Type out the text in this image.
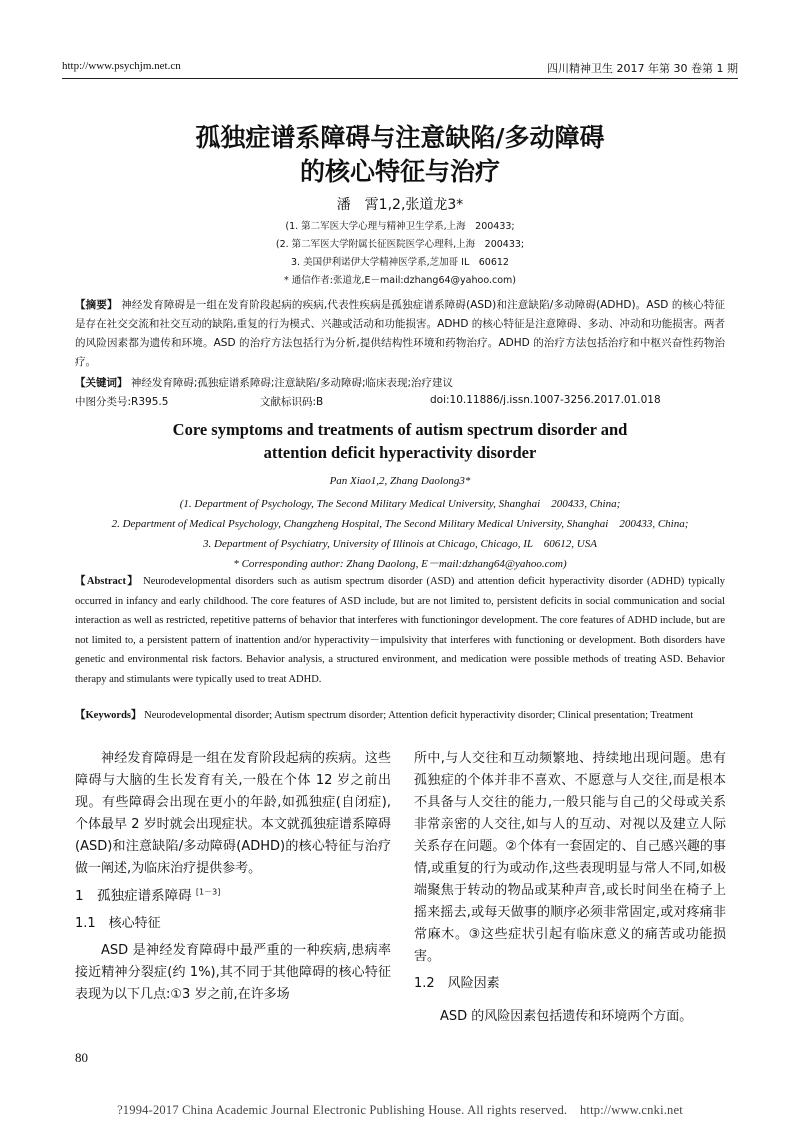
http://www.psychjm.net.cn	四川精神卫生 2017 年第 30 卷第 1 期
孤独症谱系障碍与注意缺陷/多动障碍
的核心特征与治疗
潘　霄1,2,张道龙3*
(1. 第二军医大学心理与精神卫生学系,上海　200433;
(2. 第二军医大学附属长征医院医学心理科,上海　200433;
3. 美国伊利诺伊大学精神医学系,芝加哥 IL　60612
* 通信作者:张道龙,E－mail:dzhang64@yahoo.com)
【摘要】 神经发育障碍是一组在发育阶段起病的疾病,代表性疾病是孤独症谱系障碍(ASD)和注意缺陷/多动障碍(ADHD)。ASD 的核心特征是存在社交交流和社交互动的缺陷,重复的行为模式、兴趣或活动和功能损害。ADHD 的核心特征是注意障碍、多动、冲动和功能损害。两者的风险因素都为遗传和环境。ASD 的治疗方法包括行为分析,提供结构性环境和药物治疗。ADHD 的治疗方法包括治疗和中枢兴奋性药物治疗。
【关键词】 神经发育障碍;孤独症谱系障碍;注意缺陷/多动障碍;临床表现;治疗建议
中图分类号:R395.5	文献标识码:B	doi:10.11886/j.issn.1007-3256.2017.01.018
Core symptoms and treatments of autism spectrum disorder and
attention deficit hyperactivity disorder
Pan Xiao1,2, Zhang Daolong3*
(1. Department of Psychology, The Second Military Medical University, Shanghai　200433, China;
2. Department of Medical Psychology, Changzheng Hospital, The Second Military Medical University, Shanghai　200433, China;
3. Department of Psychiatry, University of Illinois at Chicago, Chicago, IL　60612, USA
* Corresponding author: Zhang Daolong, E－mail:dzhang64@yahoo.com)
【Abstract】 Neurodevelopmental disorders such as autism spectrum disorder (ASD) and attention deficit hyperactivity disorder (ADHD) typically occurred in infancy and early childhood. The core features of ASD include, but are not limited to, persistent deficits in social communication and social interaction as well as restricted, repetitive patterns of behavior that interferes with functioningor development. The core features of ADHD include, but are not limited to, a persistent pattern of inattention and/or hyperactivity－impulsivity that interferes with functioning or development. Both disorders have genetic and environmental risk factors. Behavior analysis, a structured environment, and medication were possible methods of treating ASD. Behavior therapy and stimulants were typically used to treat ADHD.
【Keywords】 Neurodevelopmental disorder; Autism spectrum disorder; Attention deficit hyperactivity disorder; Clinical presentation; Treatment
神经发育障碍是一组在发育阶段起病的疾病。这些障碍与大脑的生长发育有关,一般在个体 12 岁之前出现。有些障碍会出现在更小的年龄,如孤独症(自闭症),个体最早 2 岁时就会出现症状。本文就孤独症谱系障碍(ASD)和注意缺陷/多动障碍(ADHD)的核心特征与治疗做一阐述,为临床治疗提供参考。
1　孤独症谱系障碍 [1－3]
1.1　核心特征
ASD 是神经发育障碍中最严重的一种疾病,患病率接近精神分裂症(约 1%),其不同于其他障碍的核心特征表现为以下几点:①3 岁之前,在许多场
所中,与人交往和互动频繁地、持续地出现问题。患有孤独症的个体并非不喜欢、不愿意与人交往,而是根本不具备与人交往的能力,一般只能与自己的父母或关系非常亲密的人交往,如与人的互动、对视以及建立人际关系存在问题。②个体有一套固定的、自己感兴趣的事情,或重复的行为或动作,这些表现明显与常人不同,如极端聚焦于转动的物品或某种声音,或长时间坐在椅子上摇来摇去,或每天做事的顺序必须非常固定,或对疼痛非常麻木。③这些症状引起有临床意义的痛苦或功能损害。
1.2　风险因素
ASD 的风险因素包括遗传和环境两个方面。
80
?1994-2017 China Academic Journal Electronic Publishing House. All rights reserved.　http://www.cnki.net
